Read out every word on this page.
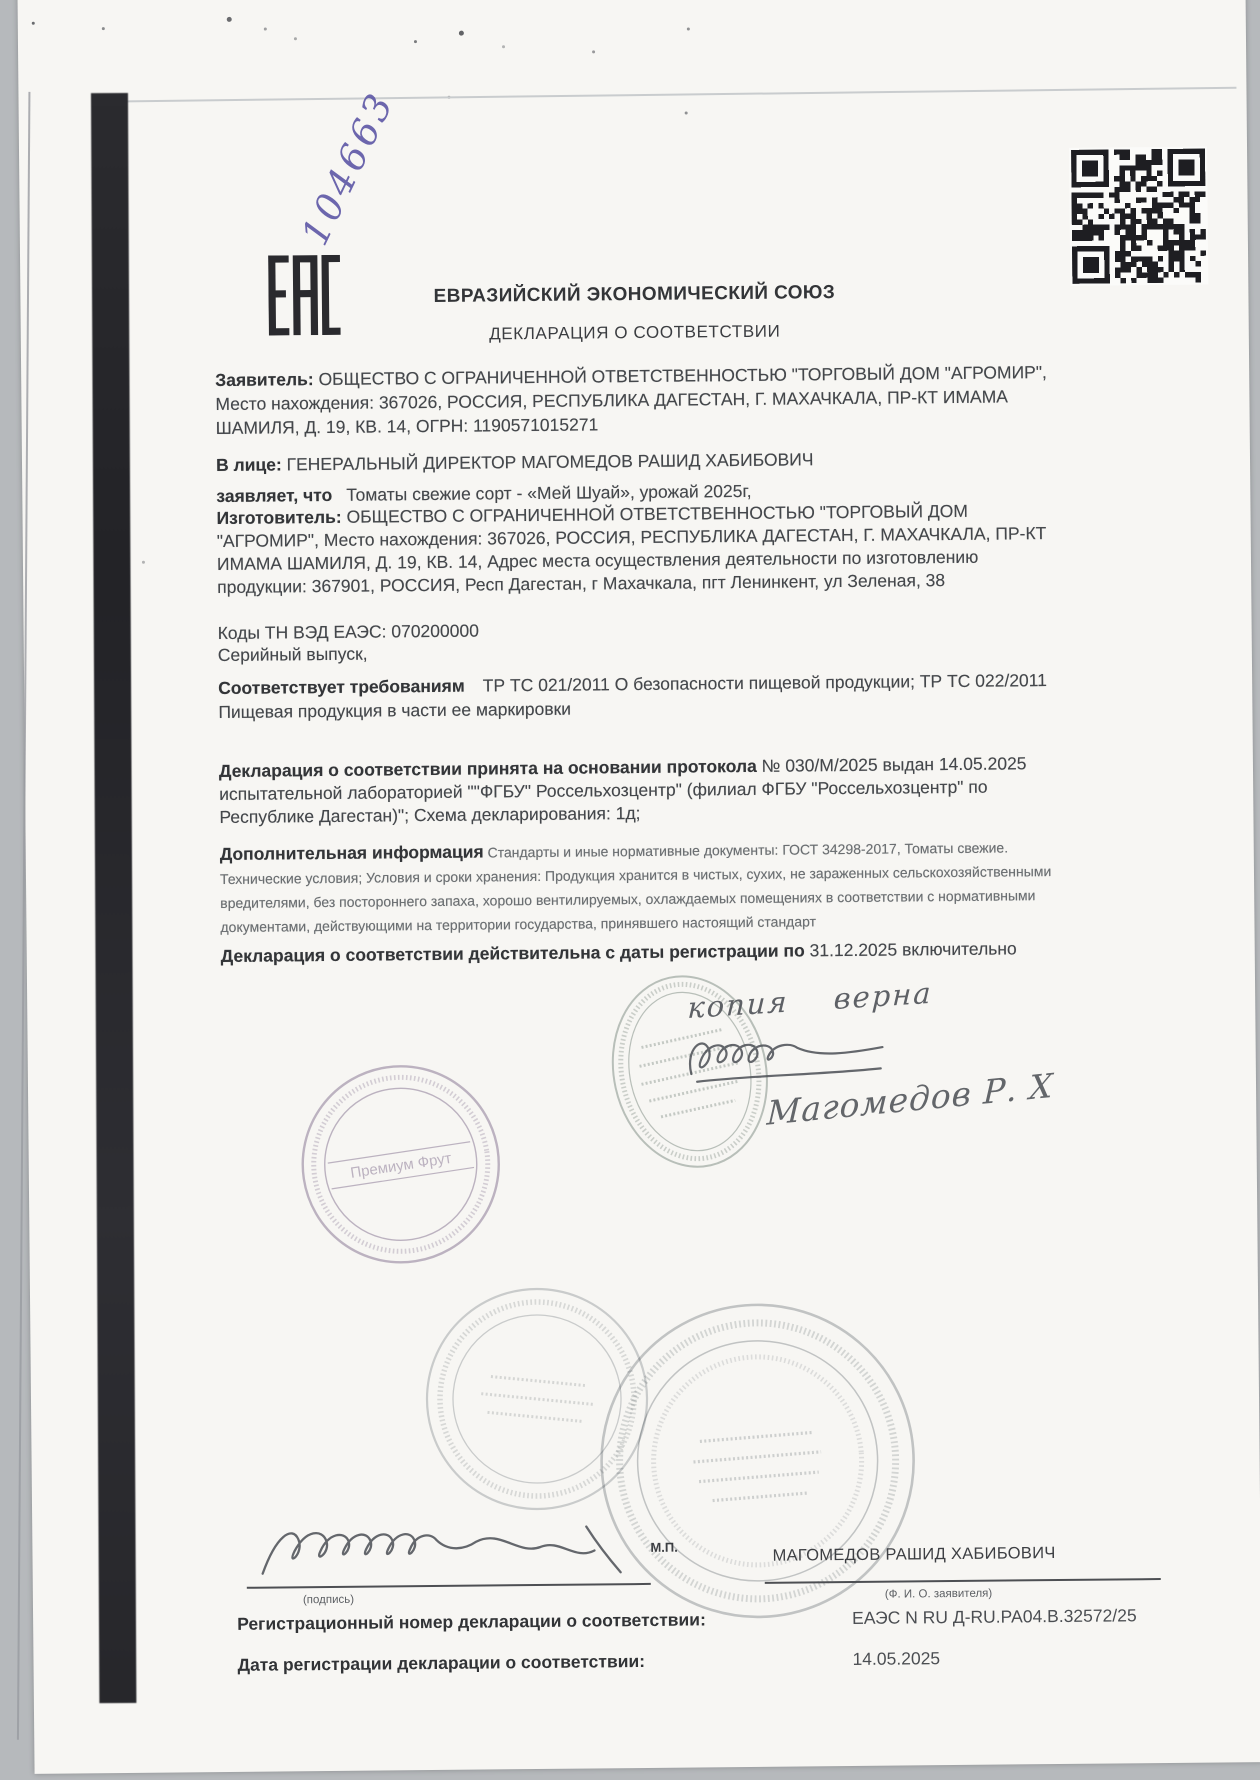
104663
ЕВРАЗИЙСКИЙ ЭКОНОМИЧЕСКИЙ СОЮЗ
ДЕКЛАРАЦИЯ О СООТВЕТСТВИИ
Заявитель: ОБЩЕСТВО С ОГРАНИЧЕННОЙ ОТВЕТСТВЕННОСТЬЮ "ТОРГОВЫЙ ДОМ "АГРОМИР", Место нахождения: 367026, РОССИЯ, РЕСПУБЛИКА ДАГЕСТАН, Г. МАХАЧКАЛА, ПР-КТ ИМАМА ШАМИЛЯ, Д. 19, КВ. 14, ОГРН: 1190571015271
В лице: ГЕНЕРАЛЬНЫЙ ДИРЕКТОР МАГОМЕДОВ РАШИД ХАБИБОВИЧ
заявляет, что Томаты свежие сорт - «Мей Шуай», урожай 2025г,
Изготовитель: ОБЩЕСТВО С ОГРАНИЧЕННОЙ ОТВЕТСТВЕННОСТЬЮ "ТОРГОВЫЙ ДОМ "АГРОМИР", Место нахождения: 367026, РОССИЯ, РЕСПУБЛИКА ДАГЕСТАН, Г. МАХАЧКАЛА, ПР-КТ ИМАМА ШАМИЛЯ, Д. 19, КВ. 14, Адрес места осуществления деятельности по изготовлению продукции: 367901, РОССИЯ, Респ Дагестан, г Махачкала, пгт Ленинкент, ул Зеленая, 38
Коды ТН ВЭД ЕАЭС: 070200000
Серийный выпуск,
Соответствует требованиям ТР ТС 021/2011 О безопасности пищевой продукции; ТР ТС 022/2011 Пищевая продукция в части ее маркировки
Декларация о соответствии принята на основании протокола № 030/М/2025 выдан 14.05.2025 испытательной лабораторией ""ФГБУ" Россельхозцентр" (филиал ФГБУ "Россельхозцентр" по Республике Дагестан)"; Схема декларирования: 1д;
Дополнительная информация Стандарты и иные нормативные документы: ГОСТ 34298-2017, Томаты свежие. Технические условия; Условия и сроки хранения: Продукция хранится в чистых, сухих, не зараженных сельскохозяйственными вредителями, без постороннего запаха, хорошо вентилируемых, охлаждаемых помещениях в соответствии с нормативными документами, действующими на территории государства, принявшего настоящий стандарт
Декларация о соответствии действительна с даты регистрации по 31.12.2025 включительно
Премиум Фрут
копия верна
Магомедов Р. Х
(подпись)
М.П.	МАГОМЕДОВ РАШИД ХАБИБОВИЧ
(Ф. И. О. заявителя)
Регистрационный номер декларации о соответствии:	ЕАЭС N RU Д-RU.РА04.В.32572/25
Дата регистрации декларации о соответствии:	14.05.2025
